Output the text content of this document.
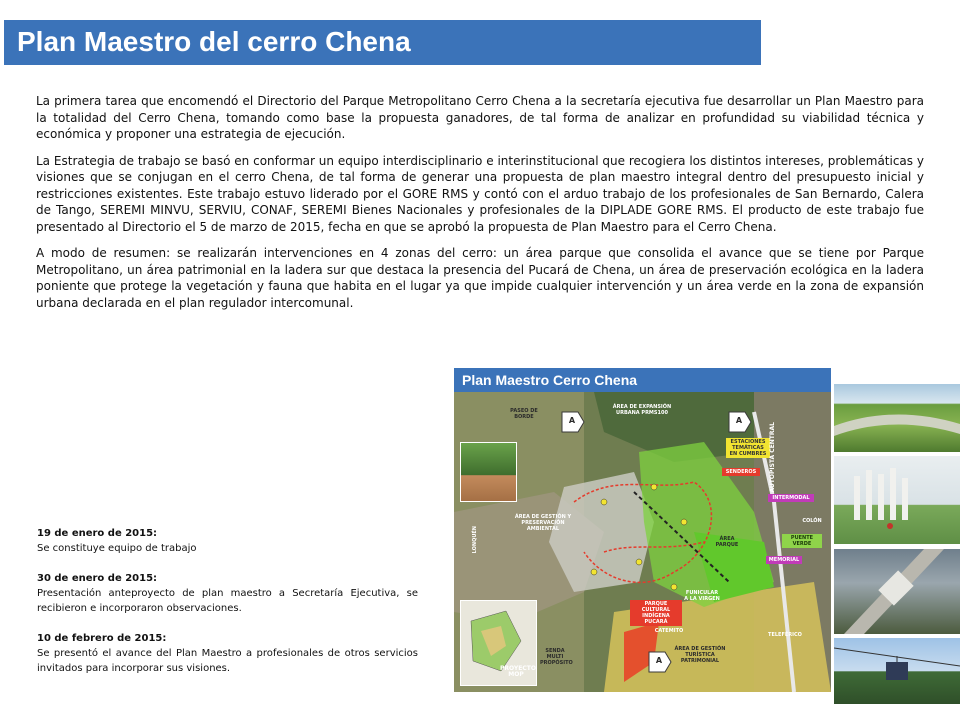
Plan Maestro del cerro Chena

La primera tarea que encomendó el Directorio del Parque Metropolitano Cerro Chena a la secretaría ejecutiva fue desarrollar un Plan Maestro para la totalidad del Cerro Chena, tomando como base la propuesta ganadores, de tal forma de analizar en profundidad su viabilidad técnica y económica y proponer una estrategia de ejecución.

La Estrategia de trabajo se basó en conformar un equipo interdisciplinario e interinstitucional que recogiera los distintos intereses, problemáticas y visiones que se conjugan en el cerro Chena, de tal forma de generar una propuesta de plan maestro integral dentro del presupuesto inicial y restricciones existentes. Este trabajo estuvo liderado por el GORE RMS y contó con el arduo trabajo de los profesionales de San Bernardo, Calera de Tango, SEREMI MINVU, SERVIU, CONAF, SEREMI Bienes Nacionales y profesionales de la DIPLADE GORE RMS. El producto de este trabajo fue presentado al Directorio el 5 de marzo de 2015, fecha en que se aprobó la propuesta de Plan Maestro para el Cerro Chena.

A modo de resumen: se realizarán intervenciones en 4 zonas del cerro: un área parque que consolida el avance que se tiene por Parque Metropolitano, un área patrimonial en la ladera sur que destaca la presencia del Pucará de Chena, un área de preservación ecológica en la ladera poniente que protege la vegetación y fauna que habita en el lugar ya que impide cualquier intervención y un área verde en la zona de expansión urbana declarada en el plan regulador intercomunal.

19 de enero de 2015:
Se constituye equipo de trabajo
30 de enero de 2015:
Presentación anteproyecto de plan maestro a Secretaría Ejecutiva, se recibieron e incorporaron observaciones.
10 de febrero de 2015:
Se presentó el avance del Plan Maestro a profesionales de otros servicios invitados para incorporar sus visiones.
Plan Maestro Cerro Chena
PASEO DE BORDE
ÁREA DE EXPANSIÓN URBANA PRMS100
ESTACIONES TEMÁTICAS EN CUMBRES
SENDEROS	AUTOPISTA CENTRAL
INTERMODAL
COLÓN
ÁREA DE GESTIÓN Y PRESERVACIÓN AMBIENTAL
ÁREA PARQUE
PUENTE VERDE
MEMORIAL
LONQUÉN
PARQUE CULTURAL INDÍGENA PUCARÁ
FUNICULAR A LA VIRGEN
TELEFÉRICO
CATEMITO
ÁREA DE GESTIÓN TURÍSTICA PATRIMONIAL
SENDA MULTI PROPÓSITO
PROYECTO MOP
A	A
A
